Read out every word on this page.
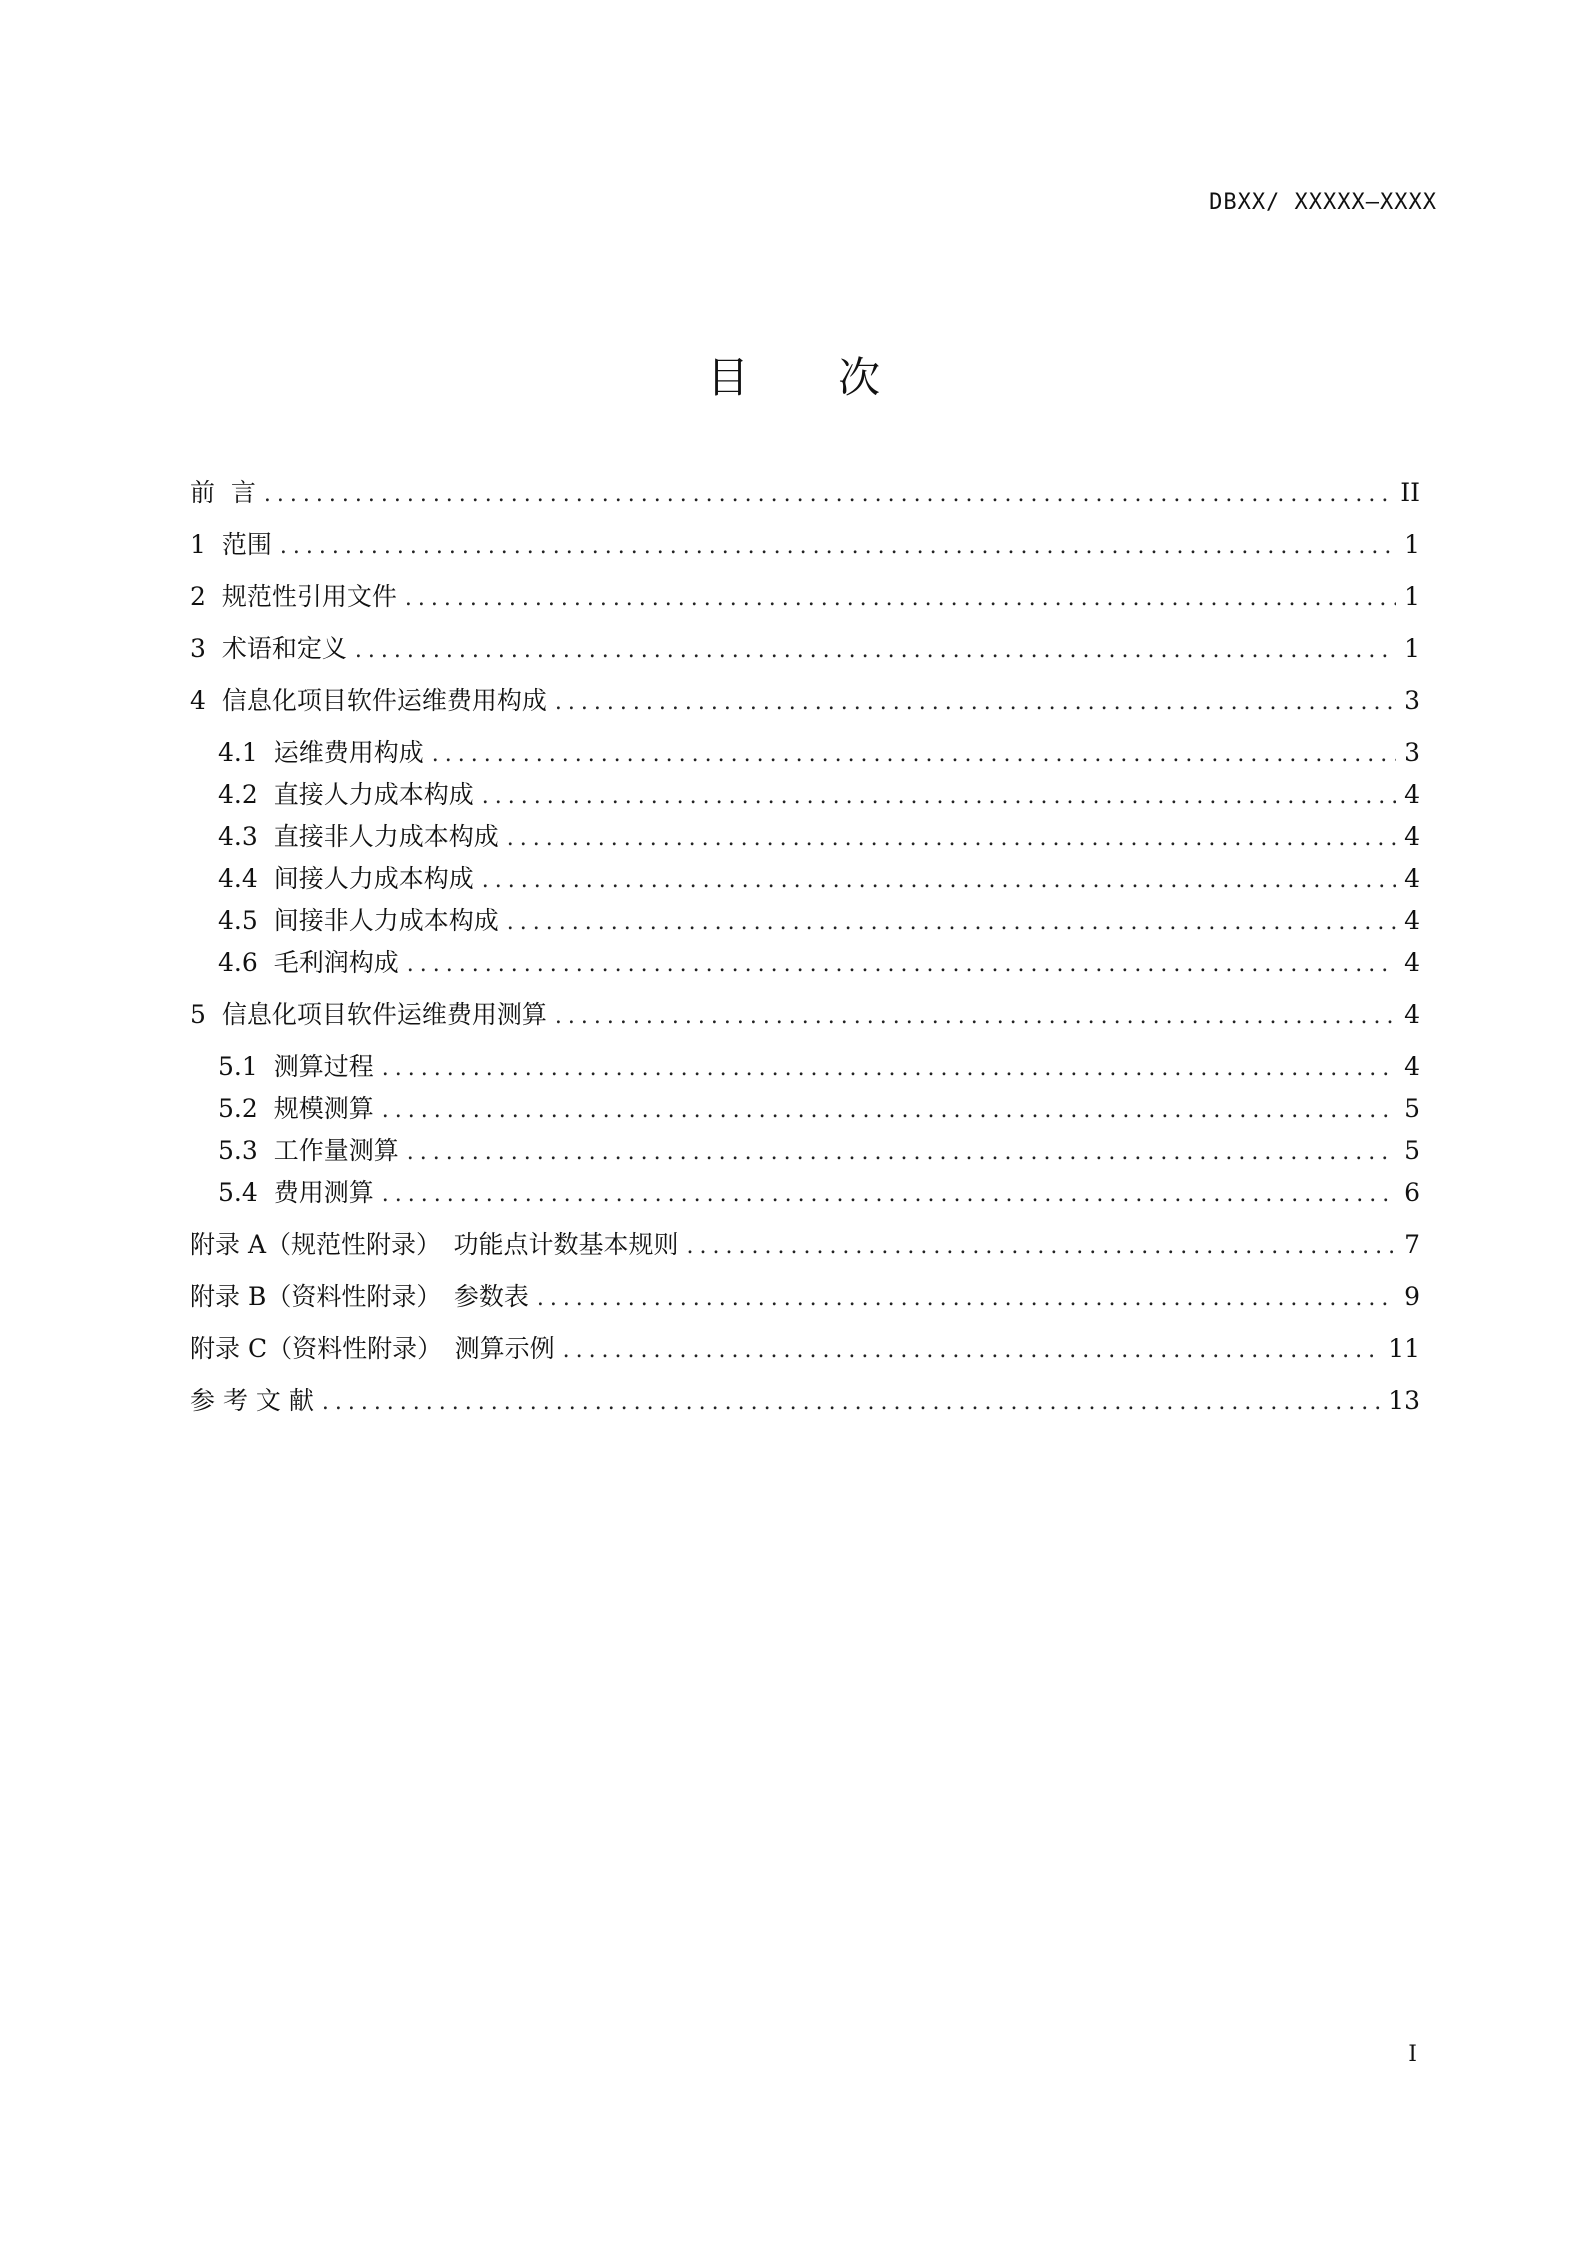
DBXX/ XXXXX—XXXX
目 次
前  言 .....	II
1 范围 .....	1
2 规范性引用文件 .....	1
3 术语和定义 .....	1
4 信息化项目软件运维费用构成 .....	3
4.1 运维费用构成 .....	3
4.2 直接人力成本构成 .....	4
4.3 直接非人力成本构成 .....	4
4.4 间接人力成本构成 .....	4
4.5 间接非人力成本构成 .....	4
4.6 毛利润构成 .....	4
5 信息化项目软件运维费用测算 .....	4
5.1 测算过程 .....	4
5.2 规模测算 .....	5
5.3 工作量测算 .....	5
5.4 费用测算 .....	6
附录 A（规范性附录）　功能点计数基本规则 .....	7
附录 B（资料性附录）　参数表 .....	9
附录 C（资料性附录）　测算示例 .....	11
参 考 文 献 .....	13
I
